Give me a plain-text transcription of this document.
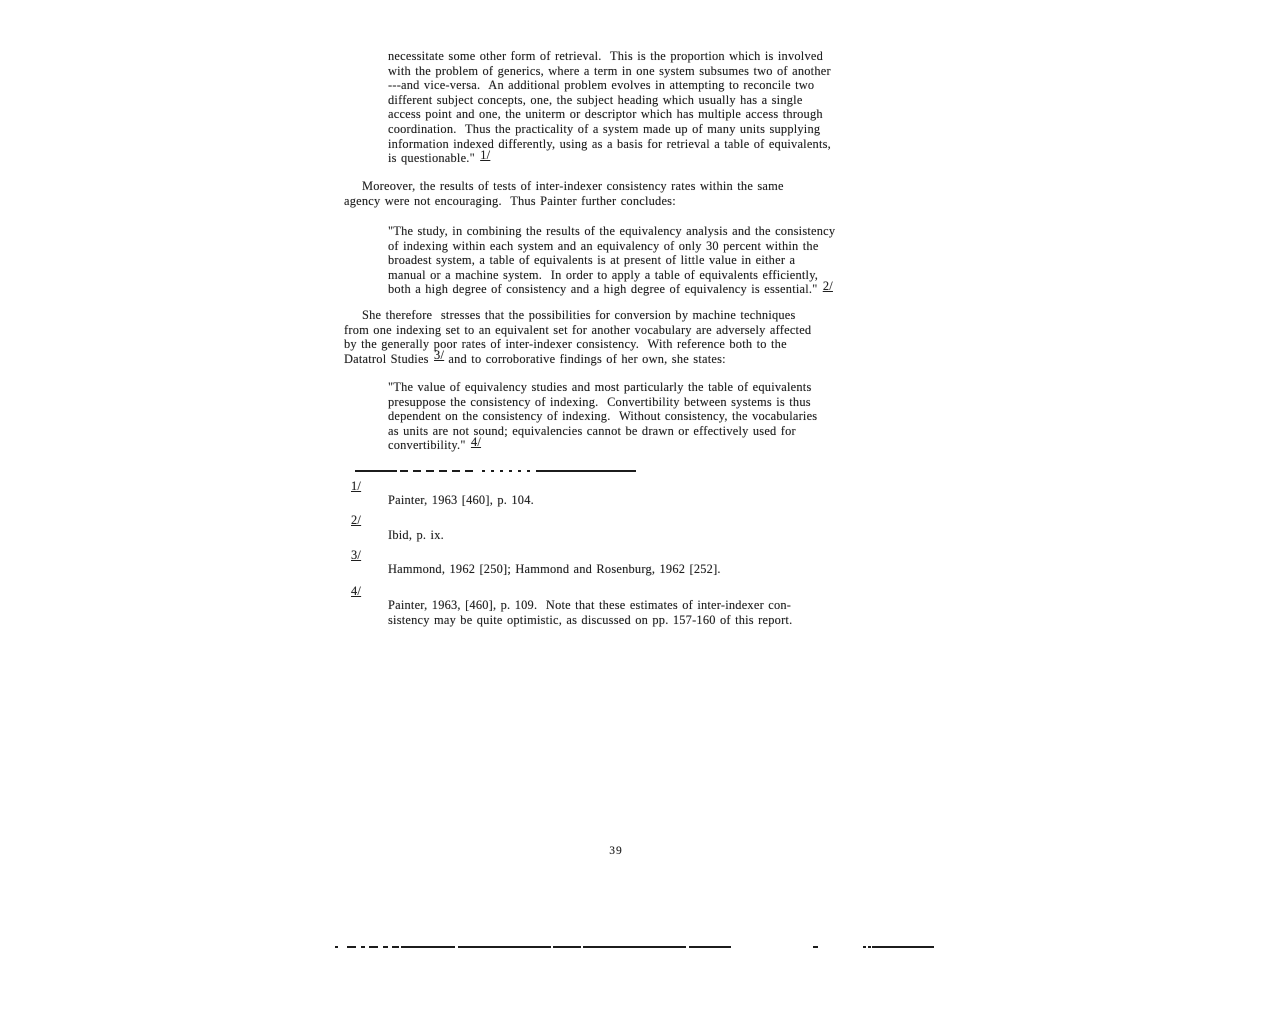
necessitate some other form of retrieval.  This is the proportion which is involved
with the problem of generics, where a term in one system subsumes two of another
---and vice-versa.  An additional problem evolves in attempting to reconcile two
different subject concepts, one, the subject heading which usually has a single
access point and one, the uniterm or descriptor which has multiple access through
coordination.  Thus the practicality of a system made up of many units supplying
information indexed differently, using as a basis for retrieval a table of equivalents,
is questionable." 1/
Moreover, the results of tests of inter-indexer consistency rates within the same
agency were not encouraging.  Thus Painter further concludes:
"The study, in combining the results of the equivalency analysis and the consistency
of indexing within each system and an equivalency of only 30 percent within the
broadest system, a table of equivalents is at present of little value in either a
manual or a machine system.  In order to apply a table of equivalents efficiently,
both a high degree of consistency and a high degree of equivalency is essential." 2/
She therefore  stresses that the possibilities for conversion by machine techniques
from one indexing set to an equivalent set for another vocabulary are adversely affected
by the generally poor rates of inter-indexer consistency.  With reference both to the
Datatrol Studies 3/ and to corroborative findings of her own, she states:
"The value of equivalency studies and most particularly the table of equivalents
presuppose the consistency of indexing.  Convertibility between systems is thus
dependent on the consistency of indexing.  Without consistency, the vocabularies
as units are not sound; equivalencies cannot be drawn or effectively used for
convertibility." 4/
1/
Painter, 1963 [460], p. 104.
2/
Ibid, p. ix.
3/
Hammond, 1962 [250]; Hammond and Rosenburg, 1962 [252].
4/
Painter, 1963, [460], p. 109.  Note that these estimates of inter-indexer con-
sistency may be quite optimistic, as discussed on pp. 157-160 of this report.
39
